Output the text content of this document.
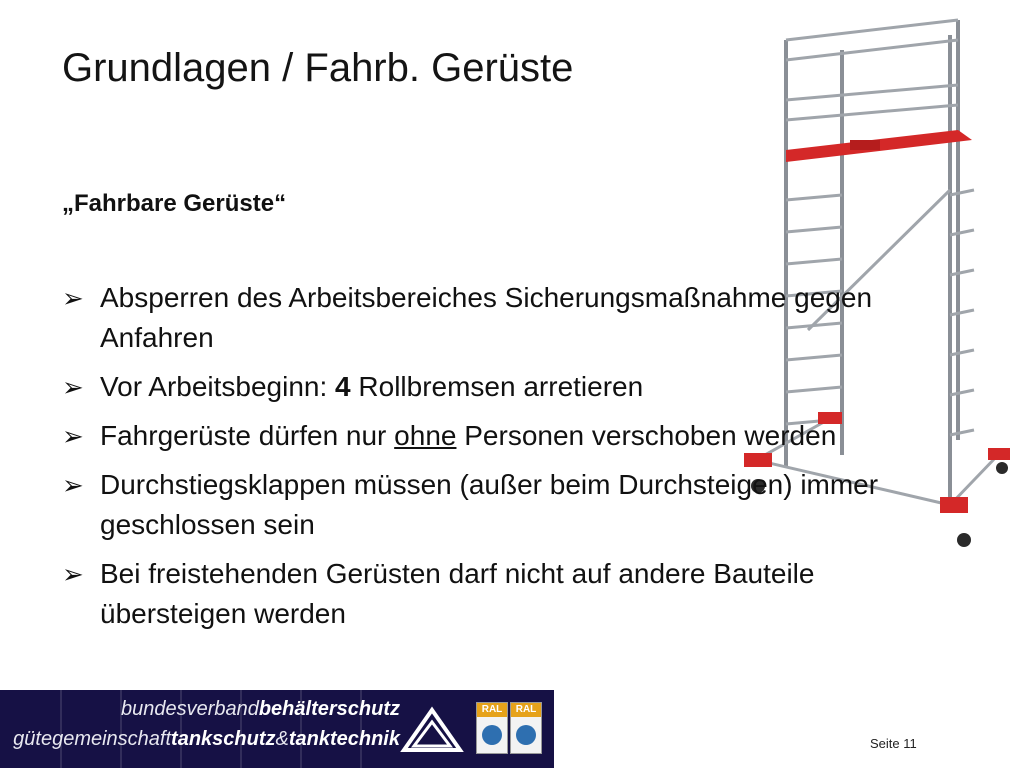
Grundlagen / Fahrb. Gerüste
„Fahrbare Gerüste“
➢ Absperren des Arbeitsbereiches Sicherungsmaßnahme gegen Anfahren
➢ Vor Arbeitsbeginn: 4 Rollbremsen arretieren
➢ Fahrgerüste dürfen nur ohne Personen verschoben werden
➢ Durchstiegsklappen müssen (außer beim Durchsteigen) immer geschlossen sein
➢ Bei freistehenden Gerüsten darf nicht auf andere Bauteile übersteigen werden
bundesverbandbehälterschutz
gütegemeinschafttankschutz&tanktechnik
RAL	RAL
Seite 11
